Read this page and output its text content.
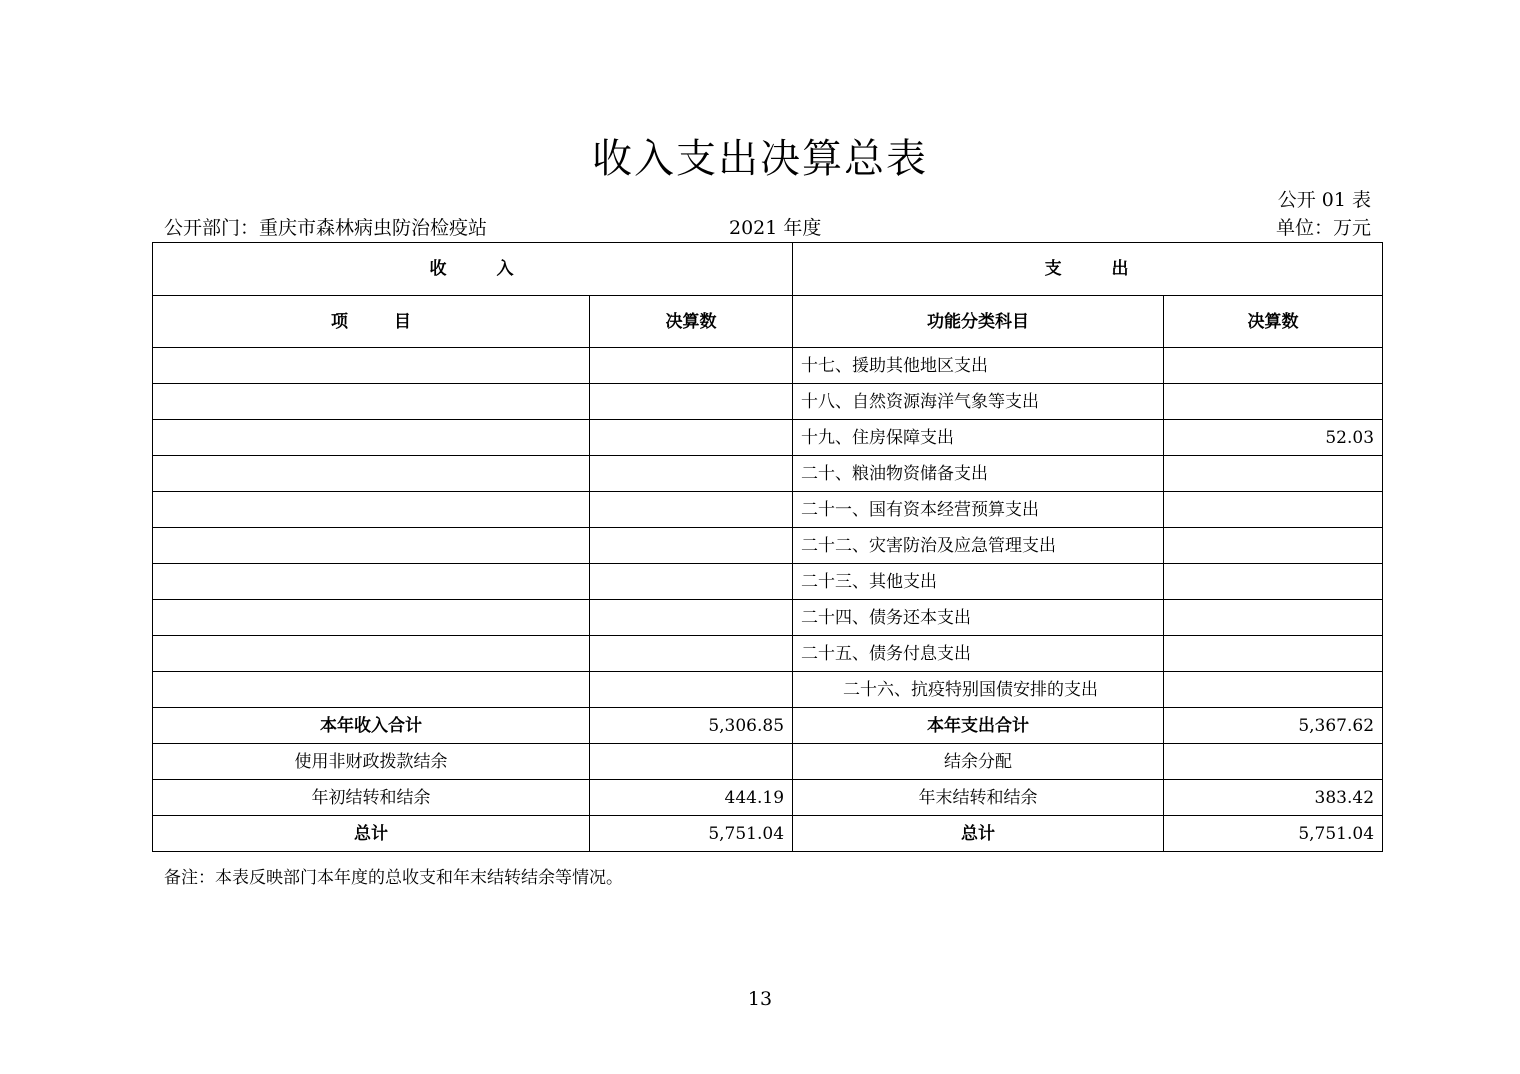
收入支出决算总表
公开 01 表
公开部门：重庆市森林病虫防治检疫站	2021 年度	单位：万元
收 入		支 出	
项 目	决算数	功能分类科目	决算数
		十七、援助其他地区支出	
		十八、自然资源海洋气象等支出	
		十九、住房保障支出	52.03
		二十、粮油物资储备支出	
		二十一、国有资本经营预算支出	
		二十二、灾害防治及应急管理支出	
		二十三、其他支出	
		二十四、债务还本支出	
		二十五、债务付息支出	
		二十六、抗疫特别国债安排的支出	
本年收入合计	5,306.85	本年支出合计	5,367.62
使用非财政拨款结余		结余分配	
年初结转和结余	444.19	年末结转和结余	383.42
总计	5,751.04	总计	5,751.04
备注：本表反映部门本年度的总收支和年末结转结余等情况。
13
